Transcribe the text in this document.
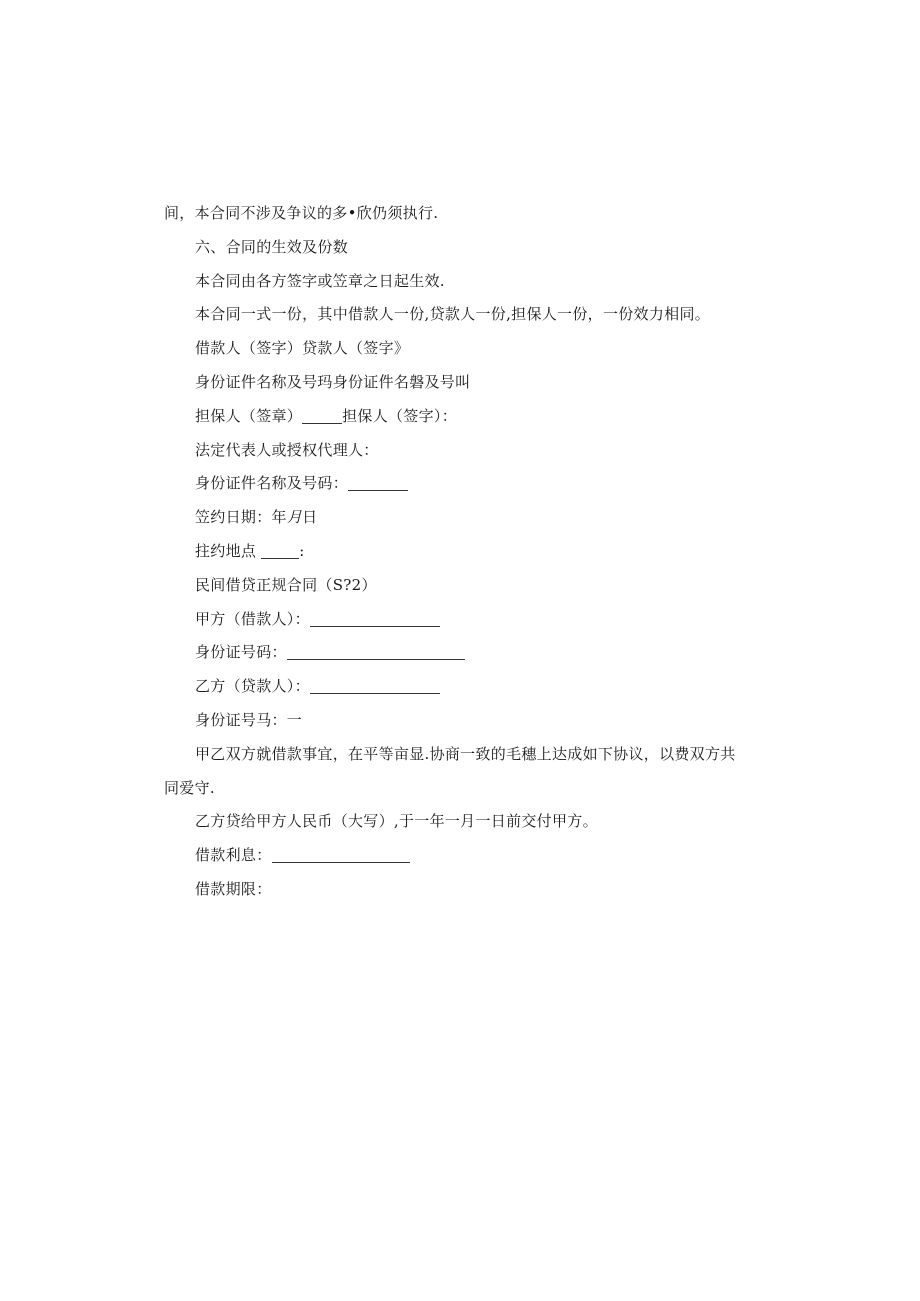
间，本合同不涉及争议的多•欣仍须执行.
六、合同的生效及份数
本合同由各方签字或笠章之日起生效.
本合同一式一份，其中借款人一份,贷款人一份,担保人一份，一份效力相同。
借款人（签字）贷款人（签字》
身份证件名称及号玛身份证件名磐及号叫
担保人（签章）	担保人（签字）：
法定代表人或授权代理人：
身份证件名称及号码：
笠约日期：年月日
拄约地点	:
民间借贷正规合同（S?2）
甲方（借款人）：
身份证号码：
乙方（贷款人）：
身份证号马：一
甲乙双方就借款事宜，在平等亩显.协商一致的毛穗上达成如下协议，以费双方共
同爱守.
乙方贷给甲方人民币（大写）,于一年一月一日前交付甲方。
借款利息：
借款期限：
